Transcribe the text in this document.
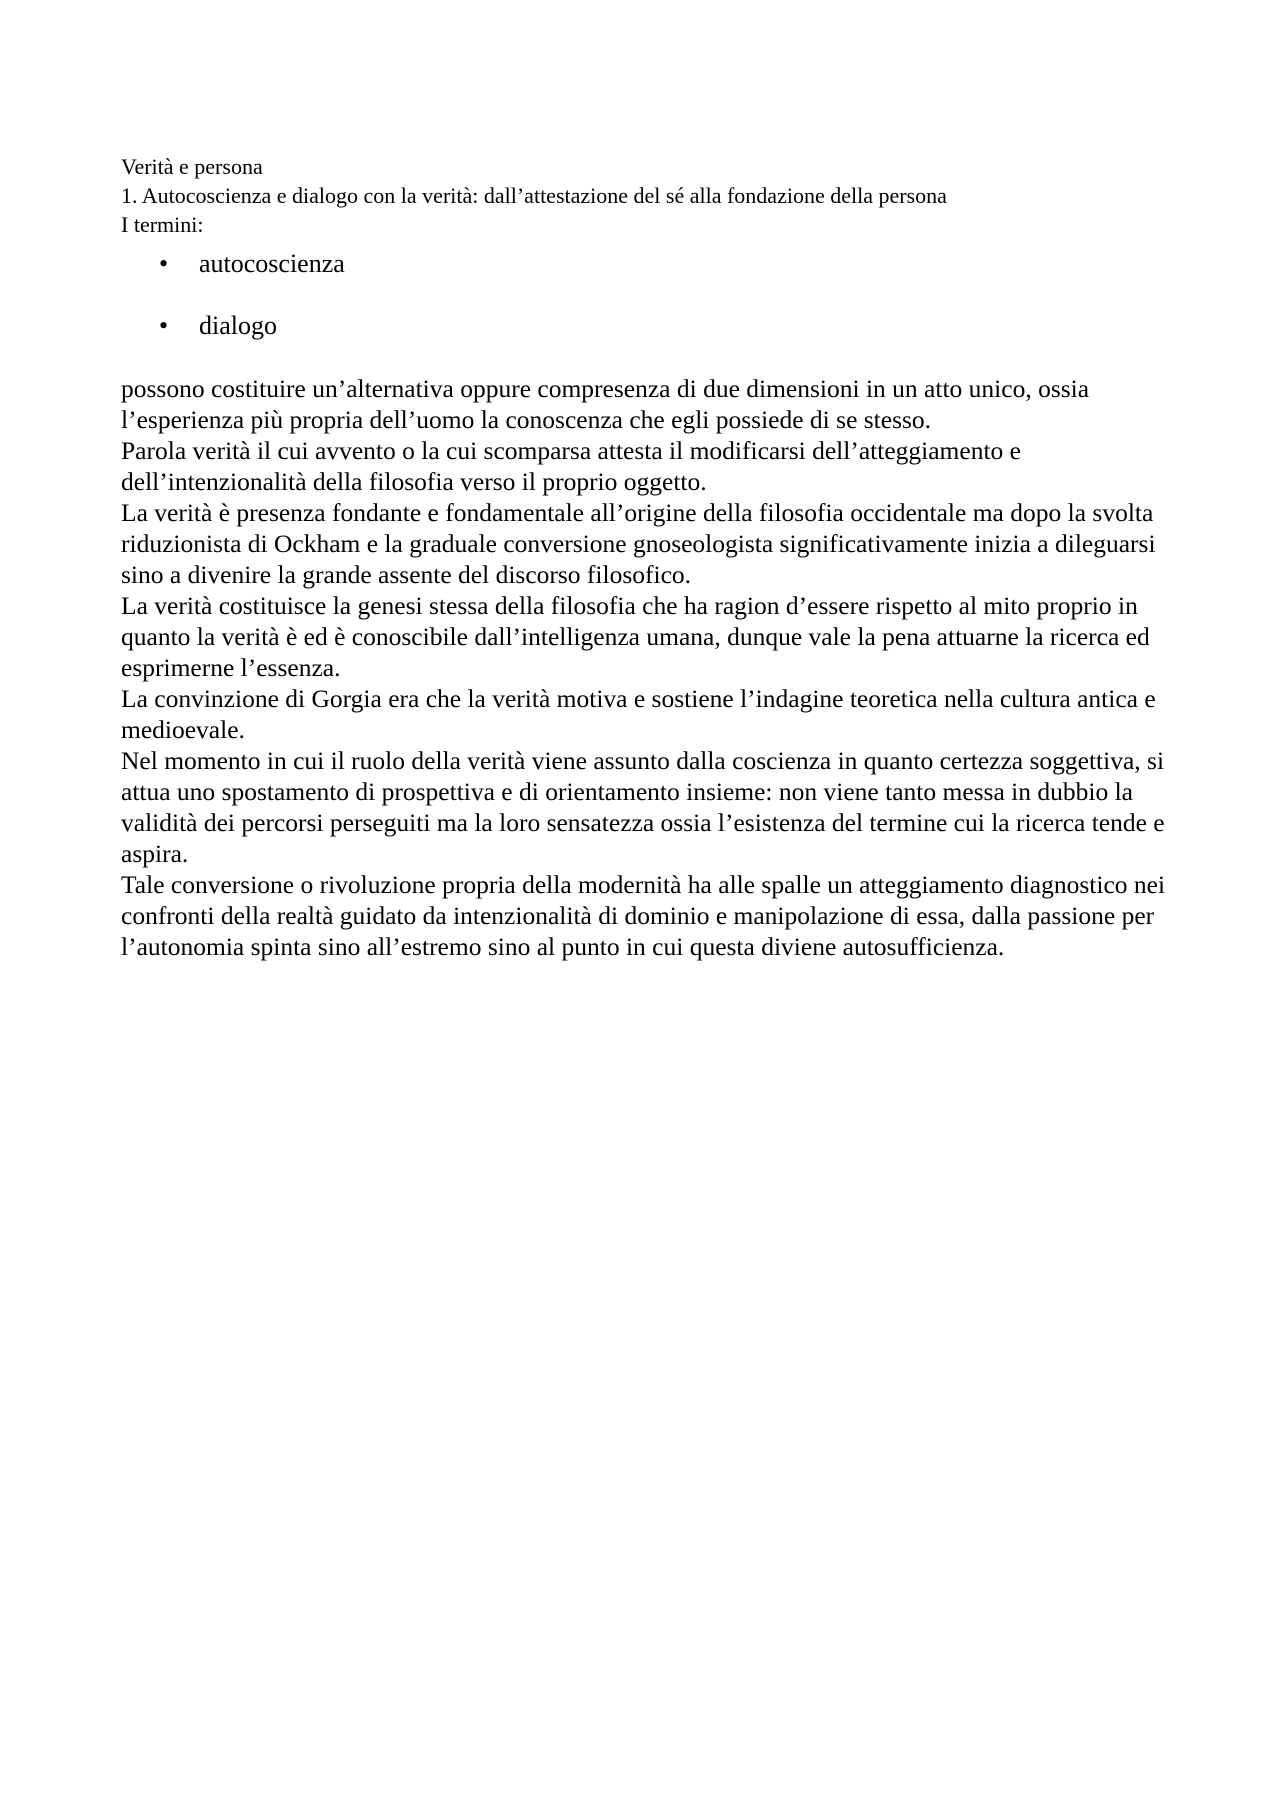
Verità e persona

1. Autocoscienza e dialogo con la verità: dall’attestazione del sé alla fondazione della persona

I termini:

• autocoscienza
• dialogo

possono costituire un’alternativa oppure compresenza di due dimensioni in un atto unico, ossia l’esperienza più propria dell’uomo la conoscenza che egli possiede di se stesso.

Parola verità il cui avvento o la cui scomparsa attesta il modificarsi dell’atteggiamento e dell’intenzionalità della filosofia verso il proprio oggetto.

La verità è presenza fondante e fondamentale all’origine della filosofia occidentale ma dopo la svolta riduzionista di Ockham e la graduale conversione gnoseologista significativamente inizia a dileguarsi sino a divenire la grande assente del discorso filosofico.

La verità costituisce la genesi stessa della filosofia che ha ragion d’essere rispetto al mito proprio in quanto la verità è ed è conoscibile dall’intelligenza umana, dunque vale la pena attuarne la ricerca ed esprimerne l’essenza.

La convinzione di Gorgia era che la verità motiva e sostiene l’indagine teoretica nella cultura antica e medioevale.

Nel momento in cui il ruolo della verità viene assunto dalla coscienza in quanto certezza soggettiva, si attua uno spostamento di prospettiva e di orientamento insieme: non viene tanto messa in dubbio la validità dei percorsi perseguiti ma la loro sensatezza ossia l’esistenza del termine cui la ricerca tende e aspira.

Tale conversione o rivoluzione propria della modernità ha alle spalle un atteggiamento diagnostico nei confronti della realtà guidato da intenzionalità di dominio e manipolazione di essa, dalla passione per l’autonomia spinta sino all’estremo sino al punto in cui questa diviene autosufficienza.
